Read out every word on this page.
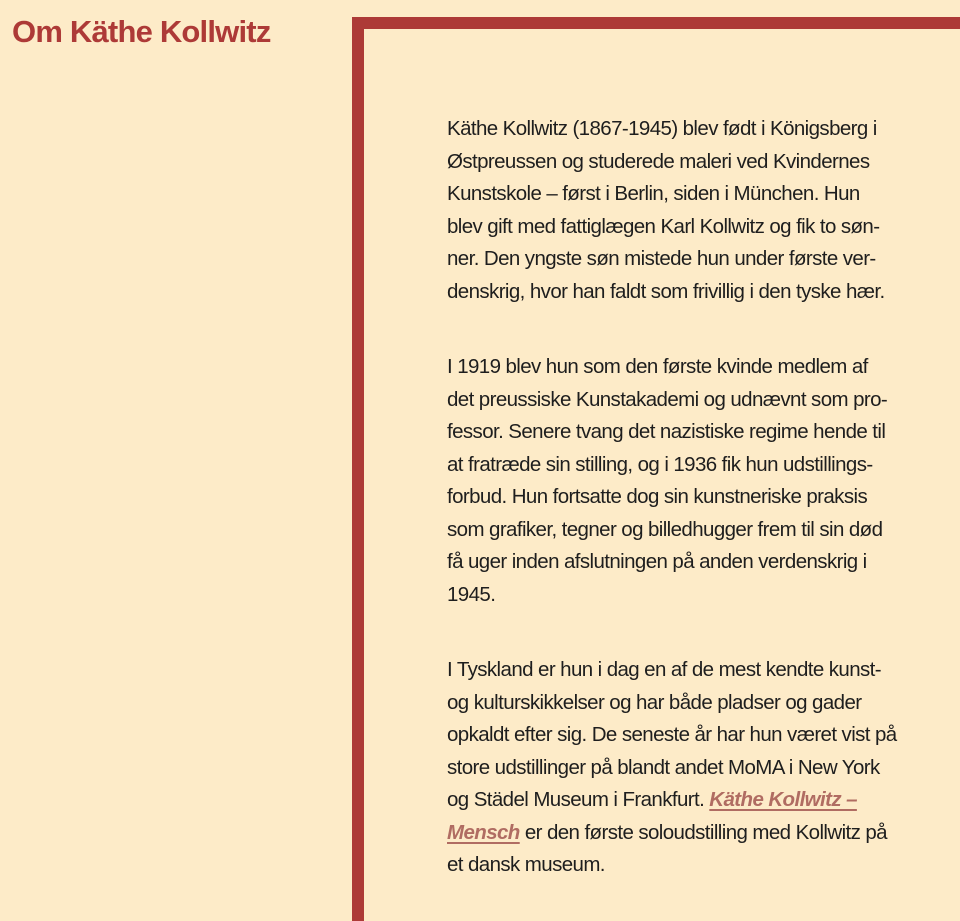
Om Käthe Kollwitz

Käthe Kollwitz (1867-1945) blev født i Königsberg i
Østpreussen og studerede maleri ved Kvindernes
Kunstskole – først i Berlin, siden i München. Hun
blev gift med fattiglægen Karl Kollwitz og fik to søn-
ner. Den yngste søn mistede hun under første ver-
denskrig, hvor han faldt som frivillig i den tyske hær.

I 1919 blev hun som den første kvinde medlem af
det preussiske Kunstakademi og udnævnt som pro-
fessor. Senere tvang det nazistiske regime hende til
at fratræde sin stilling, og i 1936 fik hun udstillings-
forbud. Hun fortsatte dog sin kunstneriske praksis
som grafiker, tegner og billedhugger frem til sin død
få uger inden afslutningen på anden verdenskrig i
1945.

I Tyskland er hun i dag en af de mest kendte kunst-
og kulturskikkelser og har både pladser og gader
opkaldt efter sig. De seneste år har hun været vist på
store udstillinger på blandt andet MoMA i New York
og Städel Museum i Frankfurt. Käthe Kollwitz –
Mensch er den første soloudstilling med Kollwitz på
et dansk museum.
